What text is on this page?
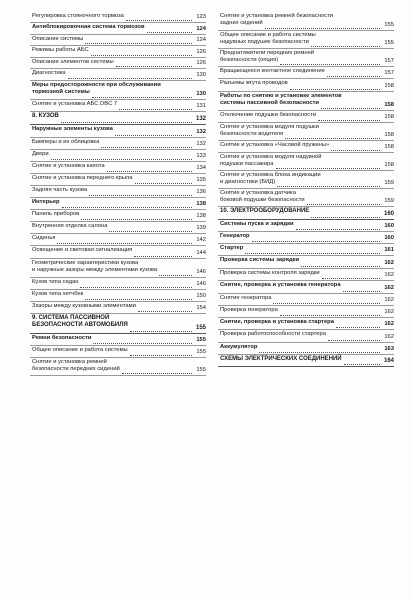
Регулировка стояночного тормоза	123
Антиблокировочная система тормозов	124
Описание системы	124
Режимы работы АБС	126
Описание элементов системы	126
Диагностика	130
Меры предосторожности при обслуживании
тормозной системы	130
Снятие и установка АБС DBC 7	131
8. КУЗОВ	132
Наружные элементы кузова	132
Бамперы и их облицовка	132
Двери	133
Снятие и установка капота	134
Снятие и установка переднего крыла	135
Задняя часть кузова	136
Интерьер	138
Панель приборов	138
Внутренняя отделка салона	139
Сиденья	142
Освещение и световая сигнализация	144
Геометрические характеристики кузова
и наружные зазоры между элементами кузова	146
Кузов типа седан	146
Кузов типа хетчбек	150
Зазоры между кузовными элементами	154
9. СИСТЕМА ПАССИВНОЙ
БЕЗОПАСНОСТИ АВТОМОБИЛЯ	155
Ремни безопасности	155
Общее описание и работа системы	155
Снятие и установка ремней
безопасности передних сидений	155
Снятие и установка ремней безопасности
задних сидений	155
Общее описание и работа системы
надувных подушек безопасности	155
Преднатяжители передних ремней
безопасности (опция)	157
Вращающееся контактное соединение	157
Разъемы жгута проводов	158
Работы по снятию и установке элементов
системы пассивной безопасности	158
Отключение подушки безопасности	158
Снятие и установка модуля подушки
безопасности водителя	158
Снятие и установка «Часовой пружины»	158
Снятие и установка модуля надувной
подушки пассажира	158
Снятие и установка блока индикации
и диагностики (БИД)	159
Снятие и установка датчика
боковой подушки безопасности	159
10. ЭЛЕКТРООБОРУДОВАНИЕ	160
Системы пуска и зарядки	160
Генератор	160
Стартер	161
Проверка системы зарядки	162
Проверка системы контроля зарядки	162
Снятие, проверка и установка генератора	162
Снятие генератора	162
Проверка генератора	162
Снятие, проверка и установка стартера	162
Проверка работоспособности стартера	162
Аккумулятор	163
СХЕМЫ ЭЛЕКТРИЧЕСКИХ СОЕДИНЕНИЙ	164
